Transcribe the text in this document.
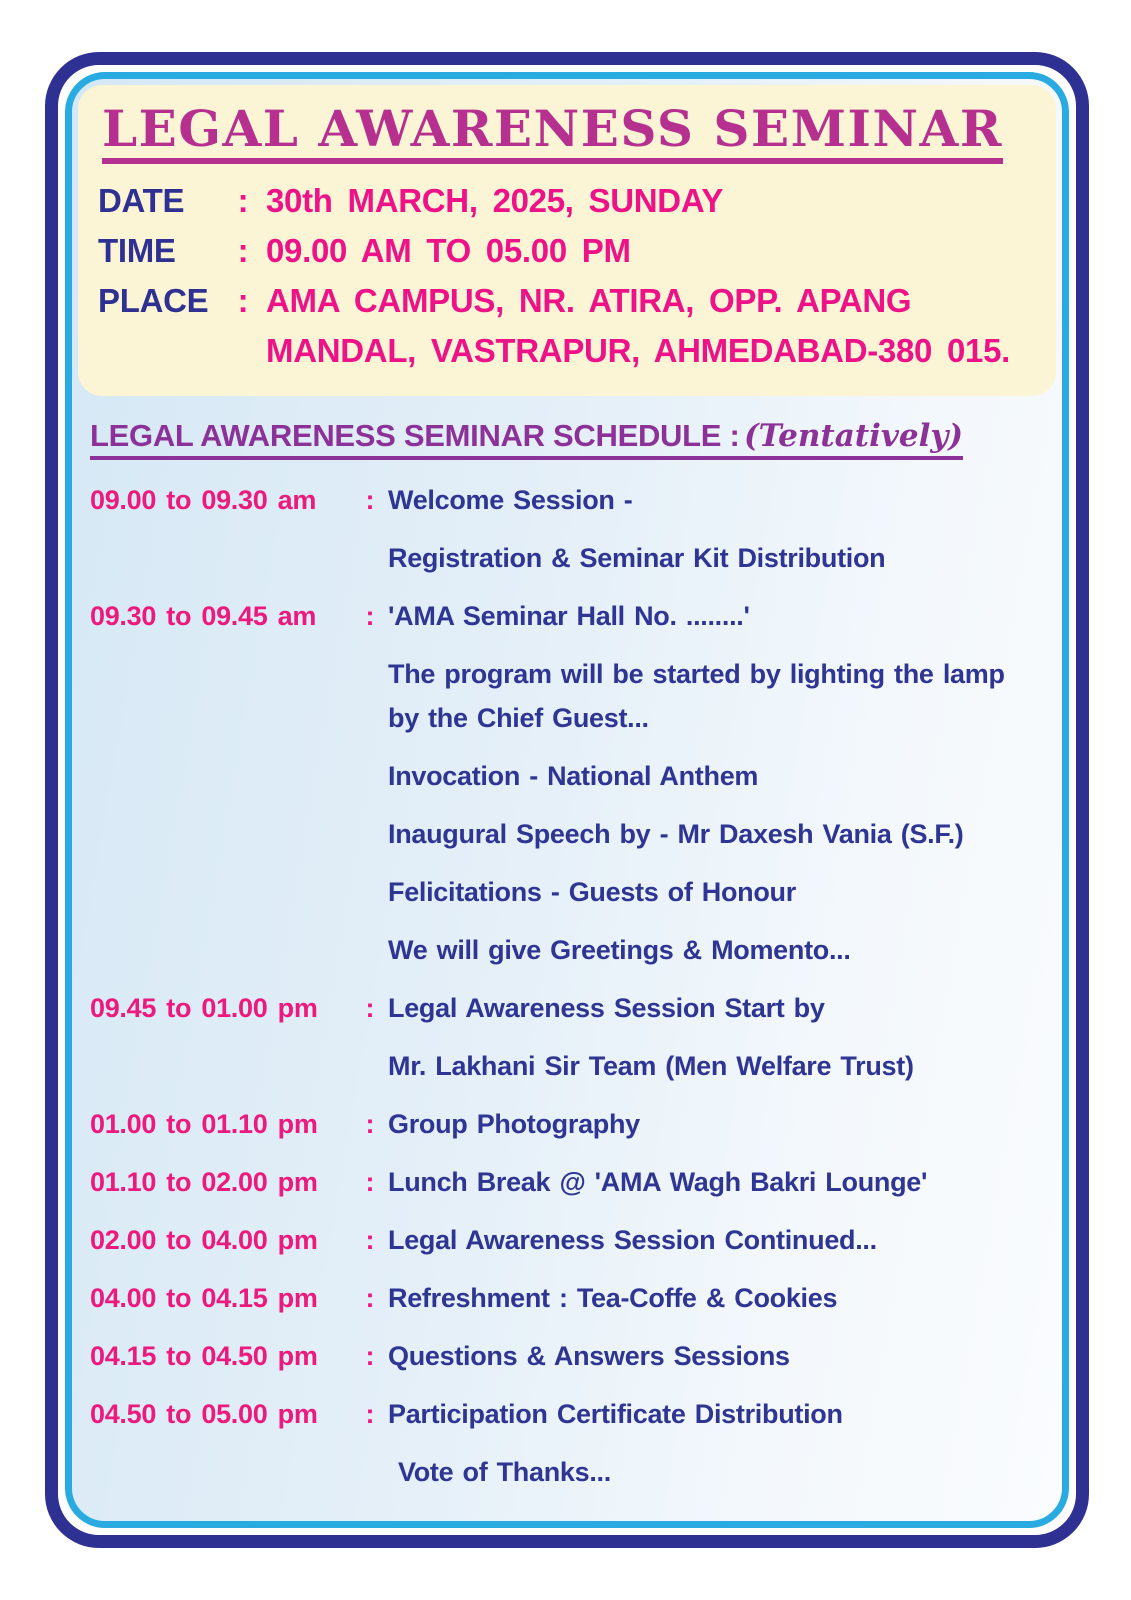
LEGAL AWARENESS SEMINAR
DATE	: 30th MARCH, 2025, SUNDAY
TIME	: 09.00 AM TO 05.00 PM
PLACE : AMA CAMPUS, NR. ATIRA, OPP. APANG MANDAL, VASTRAPUR, AHMEDABAD-380 015.
LEGAL AWARENESS SEMINAR SCHEDULE : (Tentatively)
09.00 to 09.30 am	: Welcome Session -
Registration & Seminar Kit Distribution
09.30 to 09.45 am	: 'AMA Seminar Hall No. ........'
The program will be started by lighting the lamp
by the Chief Guest...
Invocation - National Anthem
Inaugural Speech by - Mr Daxesh Vania (S.F.)
Felicitations - Guests of Honour
We will give Greetings & Momento...
09.45 to 01.00 pm	: Legal Awareness Session Start by
Mr. Lakhani Sir Team (Men Welfare Trust)
01.00 to 01.10 pm	: Group Photography
01.10 to 02.00 pm	: Lunch Break @ 'AMA Wagh Bakri Lounge'
02.00 to 04.00 pm	: Legal Awareness Session Continued...
04.00 to 04.15 pm	: Refreshment : Tea-Coffe & Cookies
04.15 to 04.50 pm	: Questions & Answers Sessions
04.50 to 05.00 pm	: Participation Certificate Distribution
Vote of Thanks...
